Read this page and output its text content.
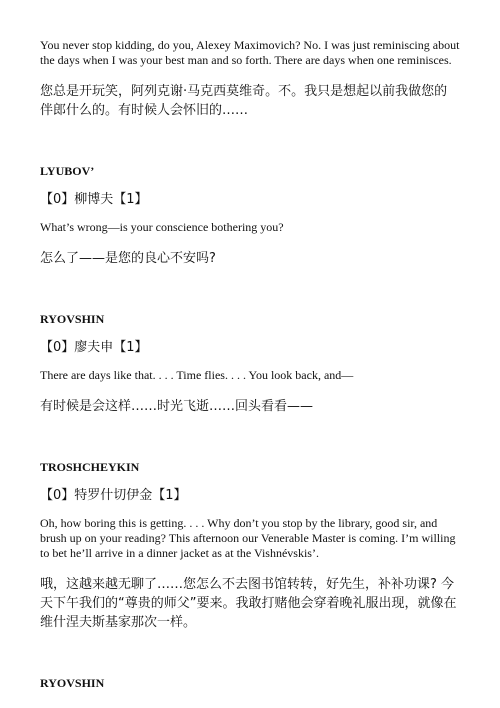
You never stop kidding, do you, Alexey Maximovich? No. I was just reminiscing about the days when I was your best man and so forth. There are days when one reminisces.

您总是开玩笑，阿列克谢·马克西莫维奇。不。我只是想起以前我做您的伴郎什么的。有时候人会怀旧的……

LYUBOV’

【0】柳博夫【1】

What’s wrong—is your conscience bothering you?

怎么了——是您的良心不安吗?

RYOVSHIN

【0】廖夫申【1】

There are days like that. . . . Time flies. . . . You look back, and—

有时候是会这样……时光飞逝……回头看看——

TROSHCHEYKIN

【0】特罗什切伊金【1】

Oh, how boring this is getting. . . . Why don’t you stop by the library, good sir, and brush up on your reading? This afternoon our Venerable Master is coming. I’m willing to bet he’ll arrive in a dinner jacket as at the Vishnévskis’.

哦，这越来越无聊了……您怎么不去图书馆转转，好先生，补补功课? 今天下午我们的“尊贵的师父”要来。我敢打赌他会穿着晚礼服出现，就像在维什涅夫斯基家那次一样。

RYOVSHIN
